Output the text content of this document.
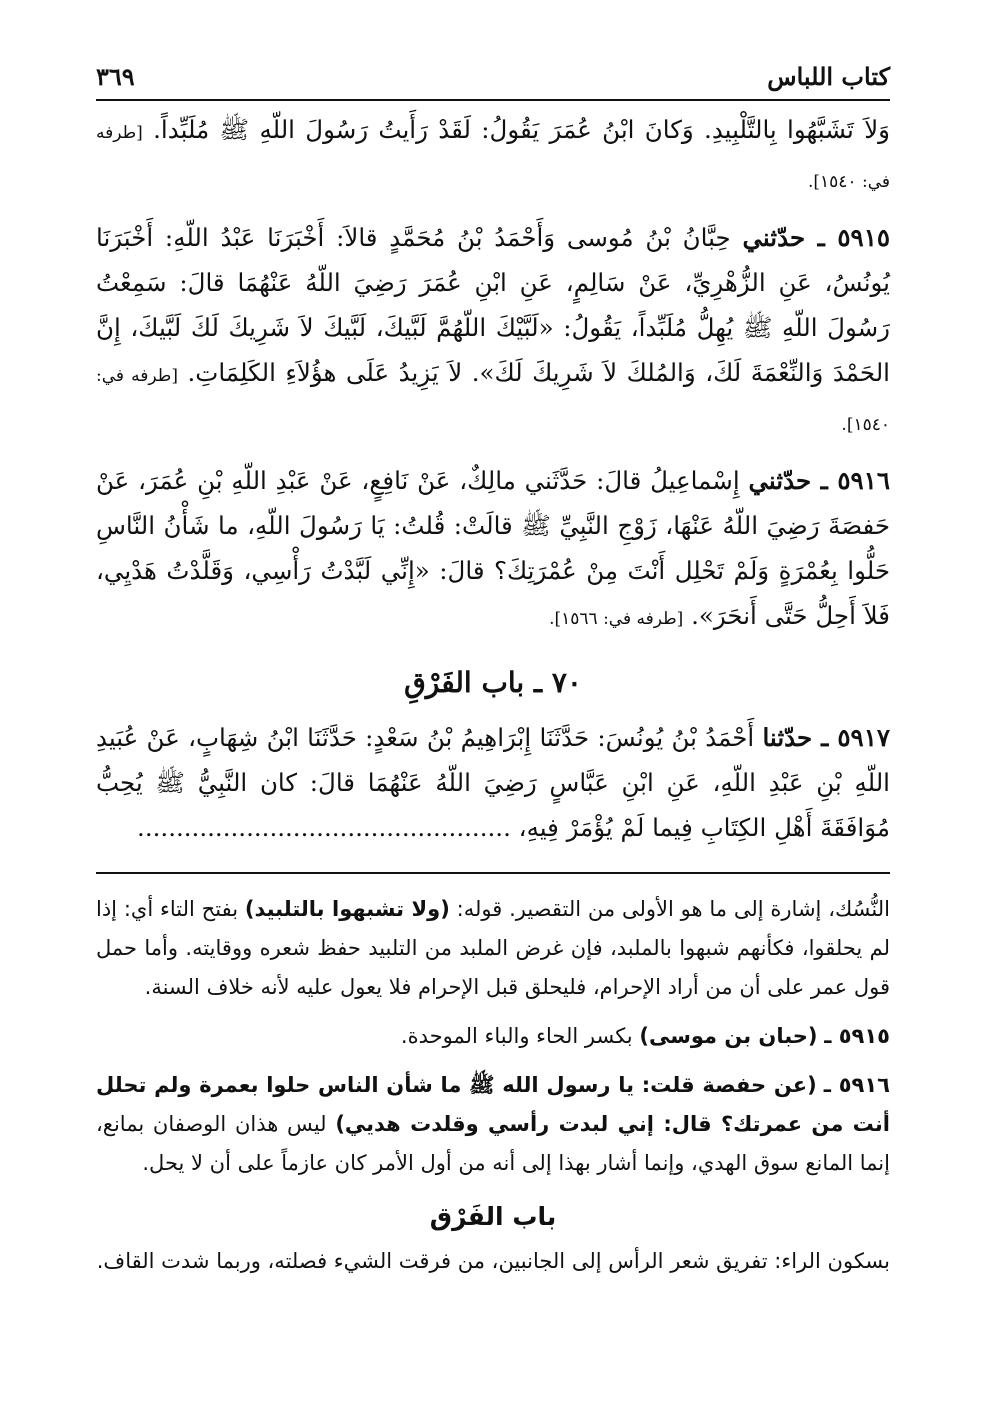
كتاب اللباس
٣٦٩

وَلاَ تَشَبَّهُوا بِالتَّلْبِيدِ. وَكانَ ابْنُ عُمَرَ يَقُولُ: لَقَدْ رَأَيتُ رَسُولَ اللّهِ ﷺ مُلَبِّداً. [طرفه في: ١٥٤٠].

٥٩١٥ ـ حدّثني حِبَّانُ بْنُ مُوسى وَأَحْمَدُ بْنُ مُحَمَّدٍ قالاَ: أَخْبَرَنَا عَبْدُ اللّهِ: أَخْبَرَنَا يُونُسُ، عَنِ الزُّهْرِيِّ، عَنْ سَالِمٍ، عَنِ ابْنِ عُمَرَ رَضِيَ اللّهُ عَنْهُمَا قالَ: سَمِعْتُ رَسُولَ اللّهِ ﷺ يُهِلُّ مُلَبِّداً، يَقُولُ: «لَبَّيْكَ اللّهُمَّ لَبَّيكَ، لَبَّيكَ لاَ شَرِيكَ لَكَ لَبَّيكَ، إِنَّ الحَمْدَ وَالنِّعْمَةَ لَكَ، وَالمُلكَ لاَ شَرِيكَ لَكَ». لاَ يَزِيدُ عَلَى هؤُلاَءِ الكَلِمَاتِ. [طرفه في: ١٥٤٠].

٥٩١٦ ـ حدّثني إِسْماعِيلُ قالَ: حَدَّثَني مالِكٌ، عَنْ نَافِعٍ، عَنْ عَبْدِ اللّهِ بْنِ عُمَرَ، عَنْ حَفصَةَ رَضِيَ اللّهُ عَنْهَا، زَوْجِ النَّبِيِّ ﷺ قالَتْ: قُلتُ: يَا رَسُولَ اللّهِ، ما شَأْنُ النَّاسِ حَلُّوا بِعُمْرَةٍ وَلَمْ تَحْلِل أَنْتَ مِنْ عُمْرَتِكَ؟ قالَ: «إِنِّي لَبَّدْتُ رَأْسِي، وَقَلَّدْتُ هَدْيِي، فَلاَ أَحِلُّ حَتَّى أَنحَرَ». [طرفه في: ١٥٦٦].

٧٠ ـ باب الفَرْقِ

٥٩١٧ ـ حدّثنا أَحْمَدُ بْنُ يُونُسَ: حَدَّثَنَا إِبْرَاهِيمُ بْنُ سَعْدٍ: حَدَّثَنَا ابْنُ شِهَابٍ، عَنْ عُبَيدِ اللّهِ بْنِ عَبْدِ اللّهِ، عَنِ ابْنِ عَبَّاسٍ رَضِيَ اللّهُ عَنْهُمَا قالَ: كان النَّبِيُّ ﷺ يُحِبُّ مُوَافَقَةَ أَهْلِ الكِتَابِ فِيما لَمْ يُؤْمَرْ فِيهِ، ................................................

النُّسُك، إشارة إلى ما هو الأولى من التقصير. قوله: (ولا تشبهوا بالتلبيد) بفتح التاء أي: إذا لم يحلقوا، فكأنهم شبهوا بالملبد، فإن غرض الملبد من التلبيد حفظ شعره ووقايته. وأما حمل قول عمر على أن من أراد الإحرام، فليحلق قبل الإحرام فلا يعول عليه لأنه خلاف السنة.

٥٩١٥ ـ (حبان بن موسى) بكسر الحاء والباء الموحدة.

٥٩١٦ ـ (عن حفصة قلت: يا رسول الله ﷺ ما شأن الناس حلوا بعمرة ولم تحلل أنت من عمرتك؟ قال: إني لبدت رأسي وقلدت هديي) ليس هذان الوصفان بمانع، إنما المانع سوق الهدي، وإنما أشار بهذا إلى أنه من أول الأمر كان عازماً على أن لا يحل.

باب الفَرْق

بسكون الراء: تفريق شعر الرأس إلى الجانبين، من فرقت الشيء فصلته، وربما شدت القاف.
